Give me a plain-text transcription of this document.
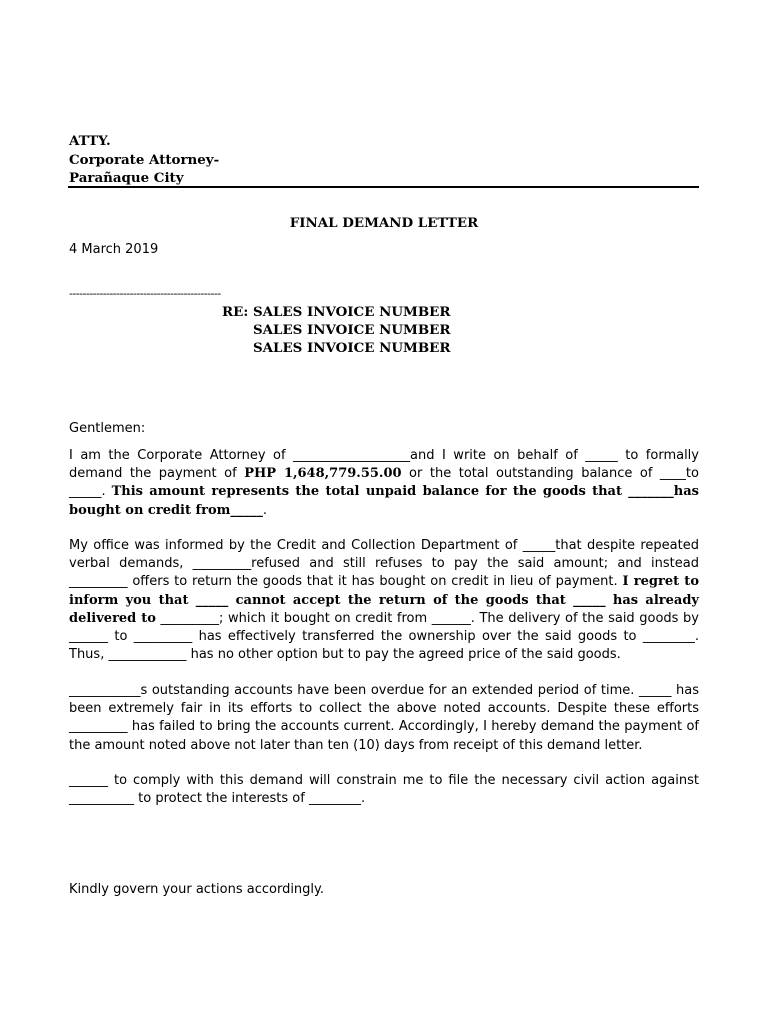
ATTY.
Corporate Attorney-
Parañaque City
FINAL DEMAND LETTER
4 March 2019
---------------------------------------------
RE: SALES INVOICE NUMBER
SALES INVOICE NUMBER
SALES INVOICE NUMBER
Gentlemen:
I am the Corporate Attorney of __________________and I write on behalf of _____ to formally demand the payment of PHP 1,648,779.55.00 or the total outstanding balance of ____to _____. This amount represents the total unpaid balance for the goods that _______has bought on credit from_____.
My office was informed by the Credit and Collection Department of _____that despite repeated verbal demands, _________refused and still refuses to pay the said amount; and instead _________ offers to return the goods that it has bought on credit in lieu of payment. I regret to inform you that _____ cannot accept the return of the goods that _____ has already delivered to _________; which it bought on credit from ______. The delivery of the said goods by ______ to _________ has effectively transferred the ownership over the said goods to ________. Thus, ____________ has no other option but to pay the agreed price of the said goods.
___________s outstanding accounts have been overdue for an extended period of time. _____ has been extremely fair in its efforts to collect the above noted accounts. Despite these efforts _________ has failed to bring the accounts current. Accordingly, I hereby demand the payment of the amount noted above not later than ten (10) days from receipt of this demand letter.
______ to comply with this demand will constrain me to file the necessary civil action against __________ to protect the interests of ________.
Kindly govern your actions accordingly.
